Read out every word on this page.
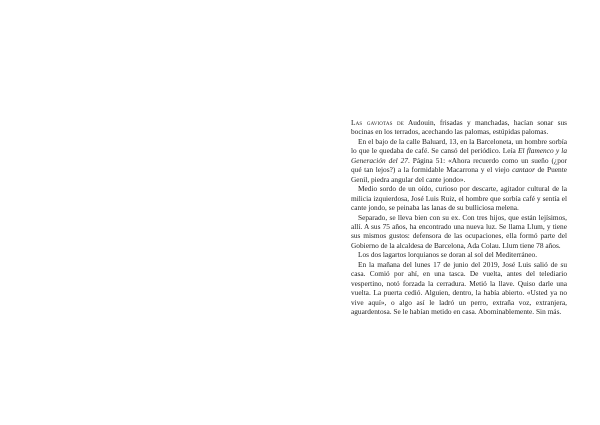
Las gaviotas de Audouin, frisadas y manchadas, hacían sonar sus bocinas en los terrados, acechando las palomas, estúpidas palomas.

En el bajo de la calle Baluard, 13, en la Barceloneta, un hombre sorbía lo que le quedaba de café. Se cansó del periódico. Leía El flamenco y la Generación del 27. Página 51: «Ahora recuerdo como un sueño (¿por qué tan lejos?) a la formidable Macarrona y el viejo cantaor de Puente Genil, piedra angular del cante jondo».

Medio sordo de un oído, curioso por descarte, agitador cultural de la milicia izquierdosa, José Luis Ruiz, el hombre que sorbía café y sentía el cante jondo, se peinaba las lanas de su bulliciosa melena.

Separado, se lleva bien con su ex. Con tres hijos, que están lejísimos, allí. A sus 75 años, ha encontrado una nueva luz. Se llama Llum, y tiene sus mismos gustos: defensora de las ocupaciones, ella formó parte del Gobierno de la alcaldesa de Barcelona, Ada Colau. Llum tiene 78 años.

Los dos lagartos lorquianos se doran al sol del Mediterráneo.

En la mañana del lunes 17 de junio del 2019, José Luis salió de su casa. Comió por ahí, en una tasca. De vuelta, antes del telediario vespertino, notó forzada la cerradura. Metió la llave. Quiso darle una vuelta. La puerta cedió. Alguien, dentro, la había abierto. «Usted ya no vive aquí», o algo así le ladró un perro, extraña voz, extranjera, aguardentosa. Se le habían metido en casa. Abominablemente. Sin más.
